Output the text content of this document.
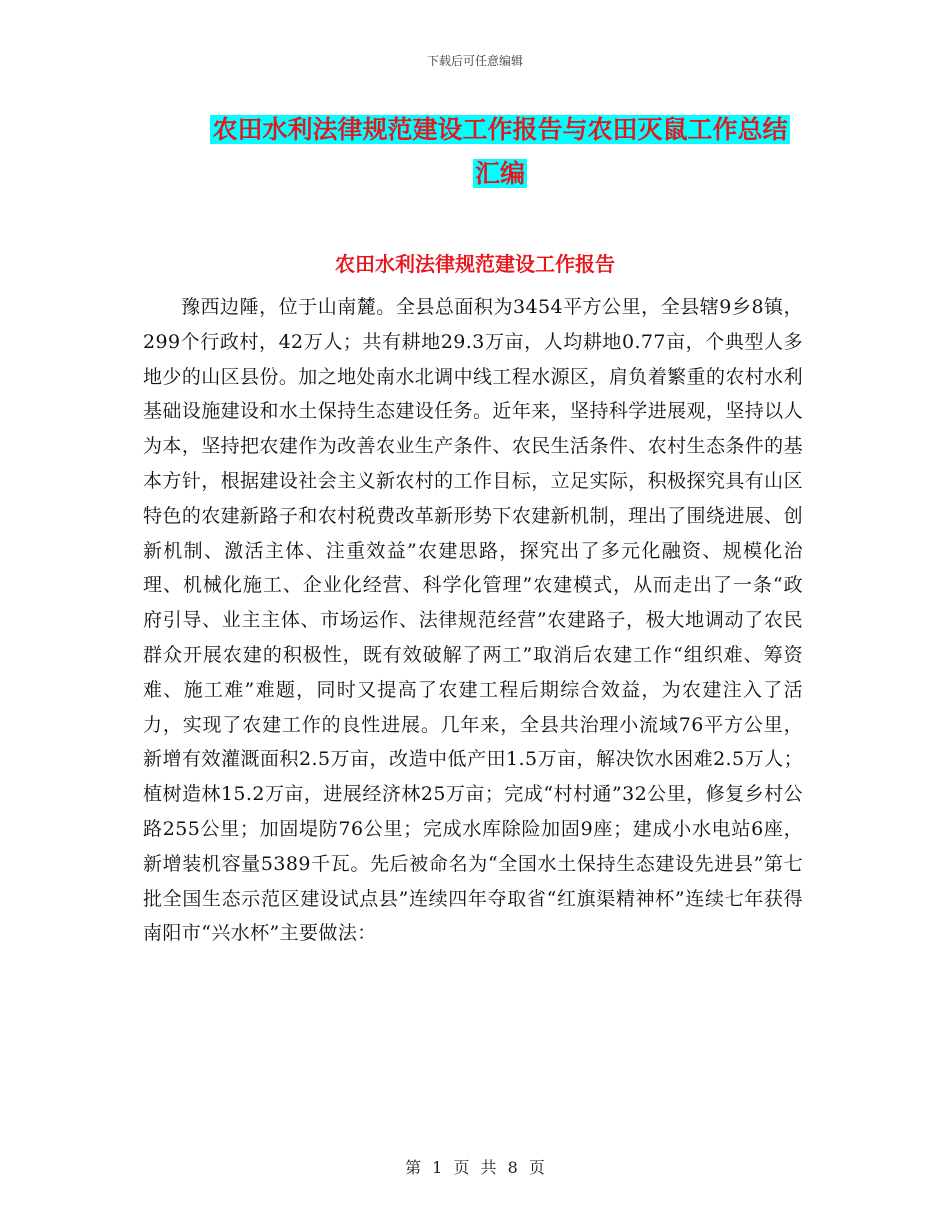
下载后可任意编辑
农田水利法律规范建设工作报告与农田灭鼠工作总结
汇编
农田水利法律规范建设工作报告

豫西边陲，位于山南麓。全县总面积为3454平方公里，全县辖9乡8镇，299个行政村，42万人；共有耕地29.3万亩，人均耕地0.77亩，个典型人多地少的山区县份。加之地处南水北调中线工程水源区，肩负着繁重的农村水利基础设施建设和水土保持生态建设任务。近年来，坚持科学进展观，坚持以人为本，坚持把农建作为改善农业生产条件、农民生活条件、农村生态条件的基本方针，根据建设社会主义新农村的工作目标，立足实际，积极探究具有山区特色的农建新路子和农村税费改革新形势下农建新机制，理出了围绕进展、创新机制、激活主体、注重效益”农建思路，探究出了多元化融资、规模化治理、机械化施工、企业化经营、科学化管理”农建模式，从而走出了一条“政府引导、业主主体、市场运作、法律规范经营”农建路子，极大地调动了农民群众开展农建的积极性，既有效破解了两工”取消后农建工作“组织难、筹资难、施工难”难题，同时又提高了农建工程后期综合效益，为农建注入了活力，实现了农建工作的良性进展。几年来，全县共治理小流域76平方公里，新增有效灌溉面积2.5万亩，改造中低产田1.5万亩，解决饮水困难2.5万人；植树造林15.2万亩，进展经济林25万亩；完成“村村通”32公里，修复乡村公路255公里；加固堤防76公里；完成水库除险加固9座；建成小水电站6座，新增装机容量5389千瓦。先后被命名为“全国水土保持生态建设先进县”第七批全国生态示范区建设试点县”连续四年夺取省“红旗渠精神杯”连续七年获得南阳市“兴水杯”主要做法：

第 1 页 共 8 页
